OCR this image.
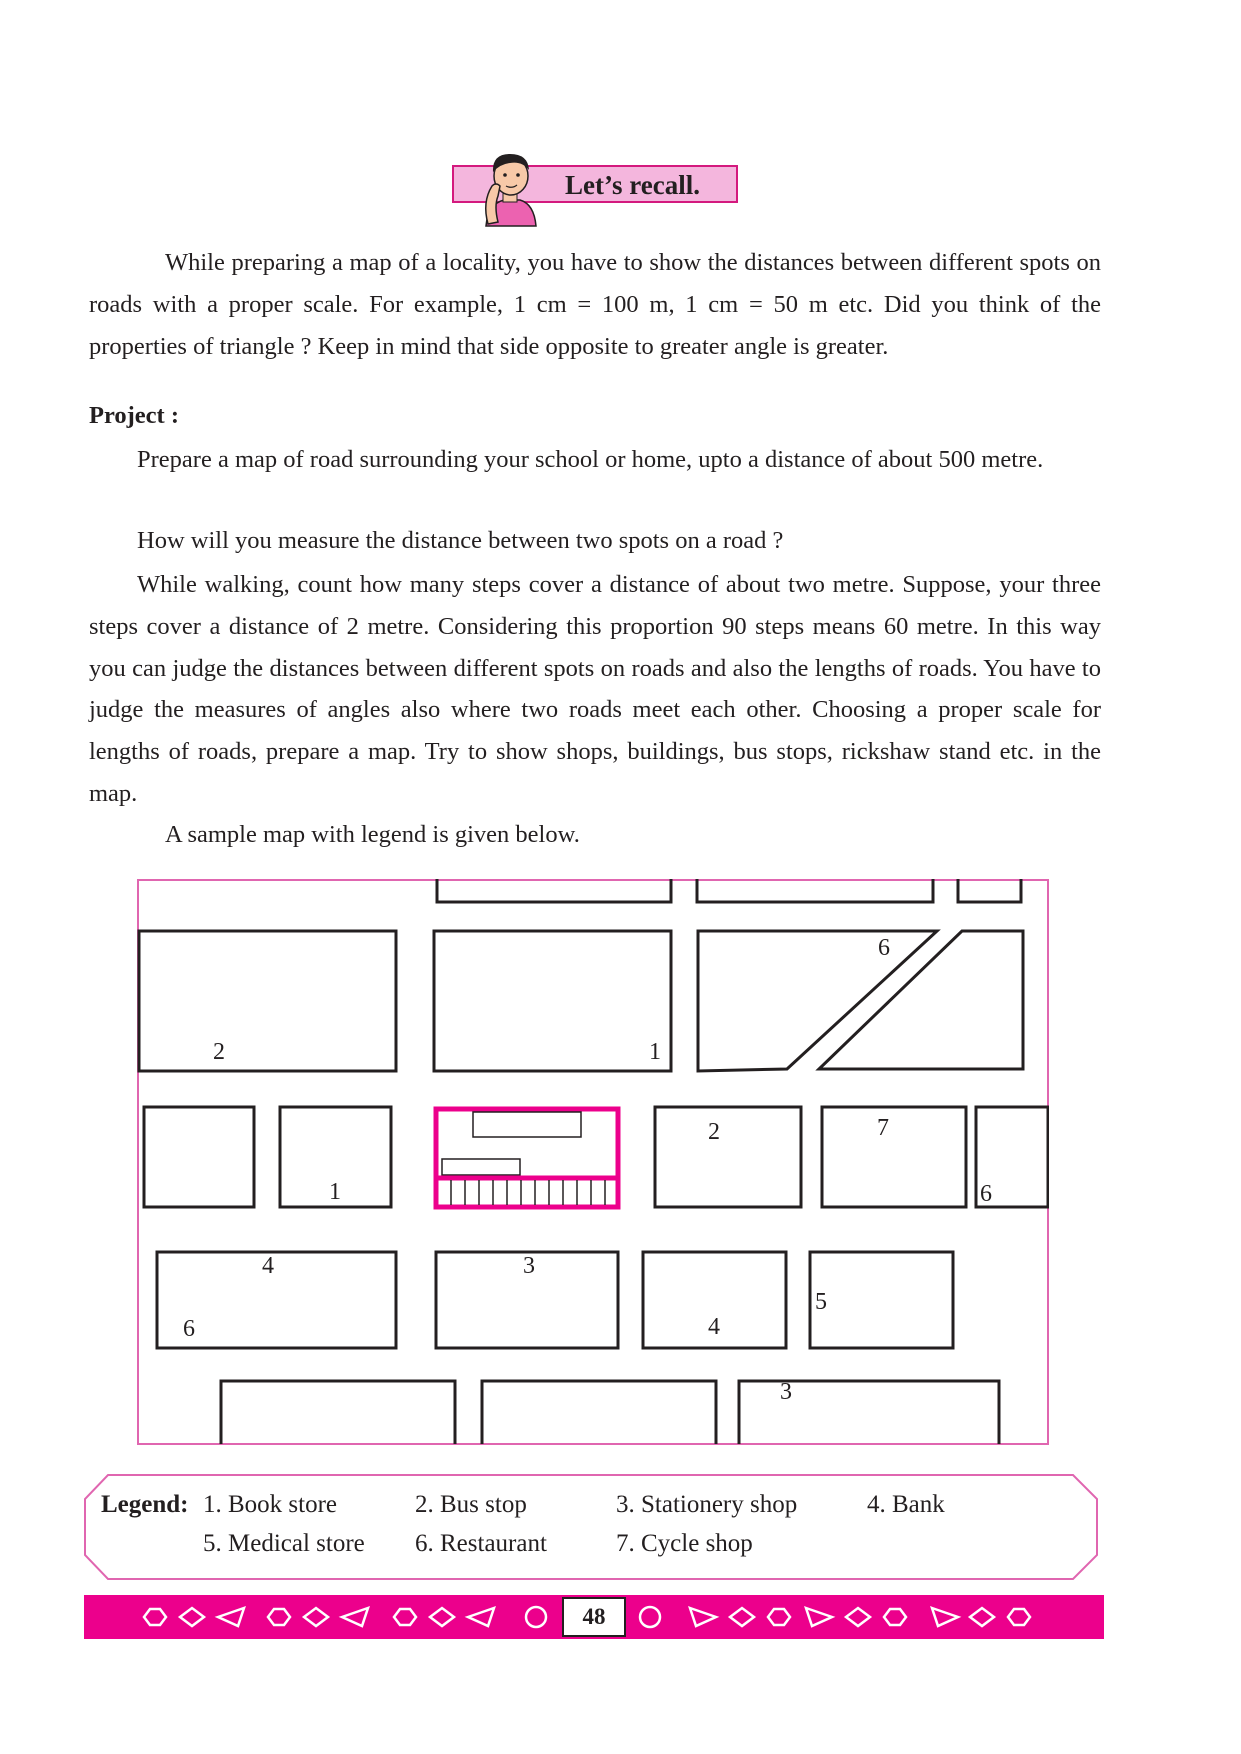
Let’s recall.

While preparing a map of a locality, you have to show the distances between different spots on roads with a proper scale. For example, 1 cm = 100 m, 1 cm = 50 m etc. Did you think of the properties of triangle ? Keep in mind that side opposite to greater angle is greater.

Project :

Prepare a map of road surrounding your school or home, upto a distance of about 500 metre.

How will you measure the distance between two spots on a road ?

While walking, count how many steps cover a distance of about two metre. Suppose, your three steps cover a distance of 2 metre. Considering this proportion 90 steps means 60 metre. In this way you can judge the distances between different spots on roads and also the lengths of roads. You have to judge the measures of angles also where two roads meet each other. Choosing a proper scale for lengths of roads, prepare a map. Try to show shops, buildings, bus stops, rickshaw stand etc. in the map.

A sample map with legend is given below.
6
2	1
2	7
1	6
4	3
6
5
4
3
Legend: 1. Book store	2. Bus stop	3. Stationery shop	4. Bank
5. Medical store 6. Restaurant	7. Cycle shop
48
